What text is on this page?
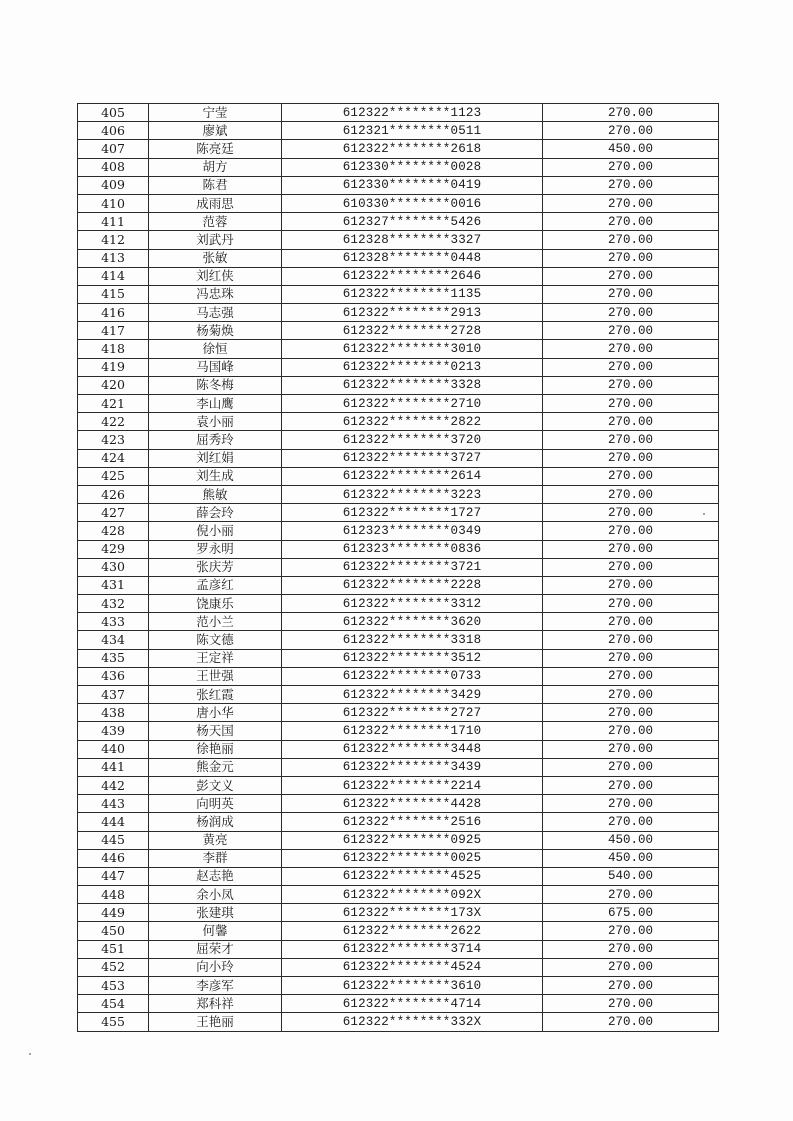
405	宁莹	612322********1123	270.00
406	廖斌	612321********0511	270.00
407	陈亮廷	612322********2618	450.00
408	胡方	612330********0028	270.00
409	陈君	612330********0419	270.00
410	成雨思	610330********0016	270.00
411	范蓉	612327********5426	270.00
412	刘武丹	612328********3327	270.00
413	张敏	612328********0448	270.00
414	刘红侠	612322********2646	270.00
415	冯忠珠	612322********1135	270.00
416	马志强	612322********2913	270.00
417	杨菊焕	612322********2728	270.00
418	徐恒	612322********3010	270.00
419	马国峰	612322********0213	270.00
420	陈冬梅	612322********3328	270.00
421	李山鹰	612322********2710	270.00
422	袁小丽	612322********2822	270.00
423	屈秀玲	612322********3720	270.00
424	刘红娟	612322********3727	270.00
425	刘生成	612322********2614	270.00
426	熊敏	612322********3223	270.00
427	薛会玲	612322********1727	270.00
428	倪小丽	612323********0349	270.00
429	罗永明	612323********0836	270.00
430	张庆芳	612322********3721	270.00
431	孟彦红	612322********2228	270.00
432	饶康乐	612322********3312	270.00
433	范小兰	612322********3620	270.00
434	陈文德	612322********3318	270.00
435	王定祥	612322********3512	270.00
436	王世强	612322********0733	270.00
437	张红霞	612322********3429	270.00
438	唐小华	612322********2727	270.00
439	杨天国	612322********1710	270.00
440	徐艳丽	612322********3448	270.00
441	熊金元	612322********3439	270.00
442	彭文义	612322********2214	270.00
443	向明英	612322********4428	270.00
444	杨润成	612322********2516	270.00
445	黄亮	612322********0925	450.00
446	李群	612322********0025	450.00
447	赵志艳	612322********4525	540.00
448	余小凤	612322********092X	270.00
449	张建琪	612322********173X	675.00
450	何馨	612322********2622	270.00
451	屈荣才	612322********3714	270.00
452	向小玲	612322********4524	270.00
453	李彦军	612322********3610	270.00
454	郑科祥	612322********4714	270.00
455	王艳丽	612322********332X	270.00
